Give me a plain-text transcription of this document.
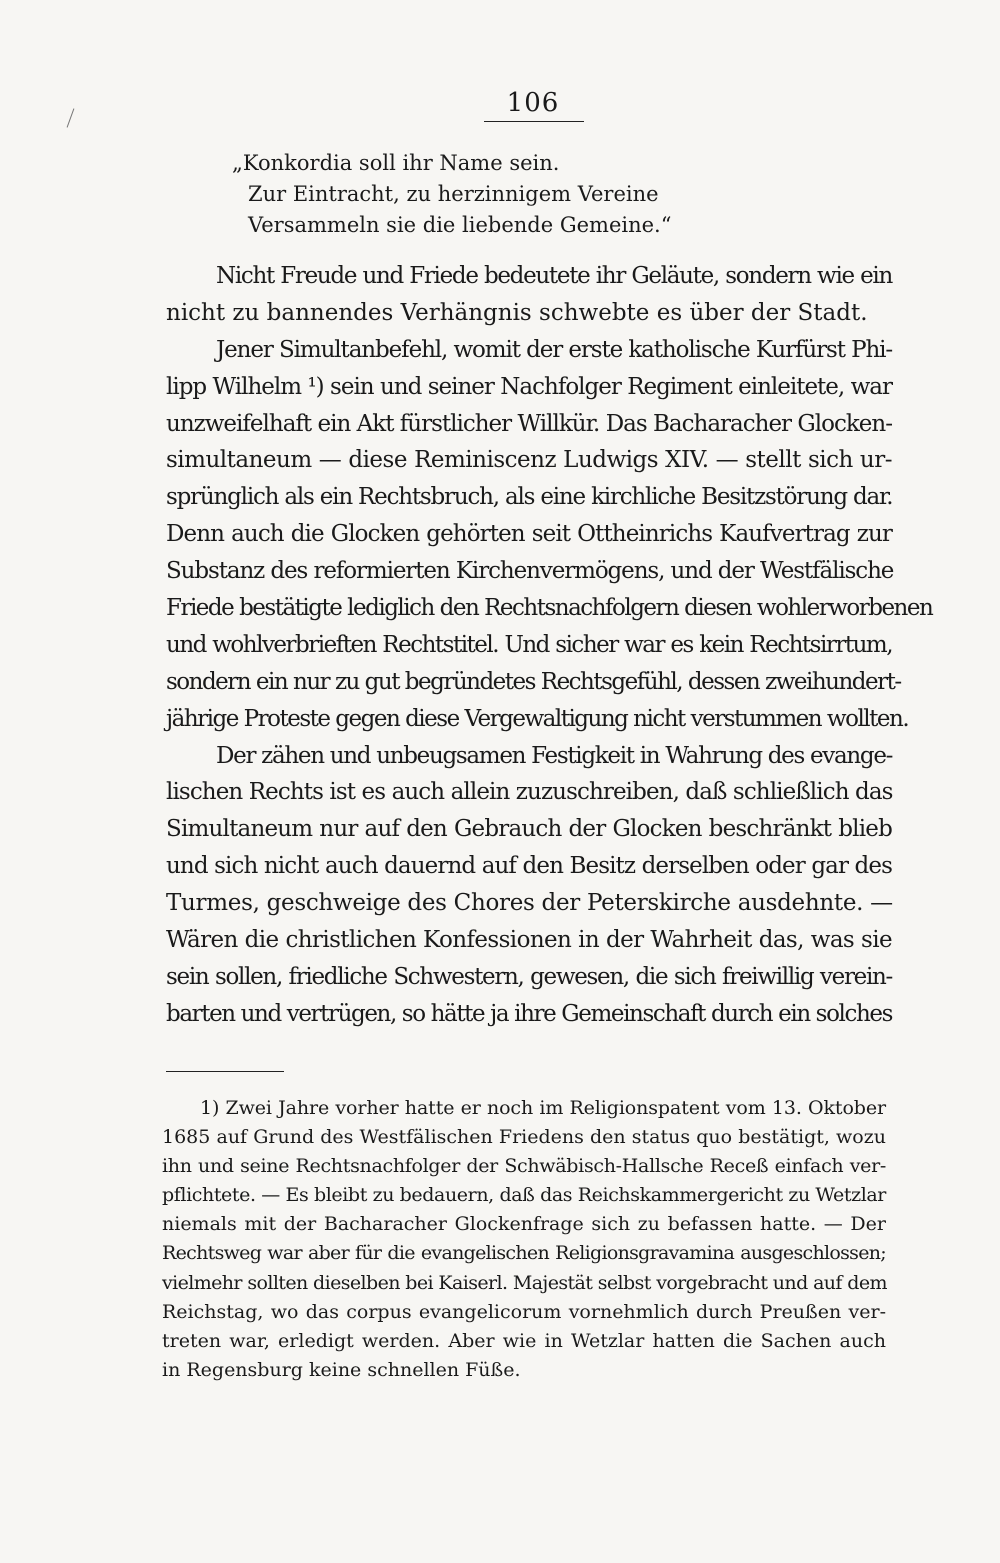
106
„Konkordia soll ihr Name sein.
Zur Eintracht, zu herzinnigem Vereine
Versammeln sie die liebende Gemeine.“
Nicht Freude und Friede bedeutete ihr Geläute, sondern wie ein
nicht zu bannendes Verhängnis schwebte es über der Stadt.
Jener Simultanbefehl, womit der erste katholische Kurfürst Phi-
lipp Wilhelm ¹) sein und seiner Nachfolger Regiment einleitete, war
unzweifelhaft ein Akt fürstlicher Willkür. Das Bacharacher Glocken-
simultaneum — diese Reminiscenz Ludwigs XIV. — stellt sich ur-
sprünglich als ein Rechtsbruch, als eine kirchliche Besitzstörung dar.
Denn auch die Glocken gehörten seit Ottheinrichs Kaufvertrag zur
Substanz des reformierten Kirchenvermögens, und der Westfälische
Friede bestätigte lediglich den Rechtsnachfolgern diesen wohlerworbenen
und wohlverbrieften Rechtstitel. Und sicher war es kein Rechtsirrtum,
sondern ein nur zu gut begründetes Rechtsgefühl, dessen zweihundert-
jährige Proteste gegen diese Vergewaltigung nicht verstummen wollten.
Der zähen und unbeugsamen Festigkeit in Wahrung des evange-
lischen Rechts ist es auch allein zuzuschreiben, daß schließlich das
Simultaneum nur auf den Gebrauch der Glocken beschränkt blieb
und sich nicht auch dauernd auf den Besitz derselben oder gar des
Turmes, geschweige des Chores der Peterskirche ausdehnte. —
Wären die christlichen Konfessionen in der Wahrheit das, was sie
sein sollen, friedliche Schwestern, gewesen, die sich freiwillig verein-
barten und vertrügen, so hätte ja ihre Gemeinschaft durch ein solches
1) Zwei Jahre vorher hatte er noch im Religionspatent vom 13. Oktober
1685 auf Grund des Westfälischen Friedens den status quo bestätigt, wozu
ihn und seine Rechtsnachfolger der Schwäbisch-Hallsche Receß einfach ver-
pflichtete. — Es bleibt zu bedauern, daß das Reichskammergericht zu Wetzlar
niemals mit der Bacharacher Glockenfrage sich zu befassen hatte. — Der
Rechtsweg war aber für die evangelischen Religionsgravamina ausgeschlossen;
vielmehr sollten dieselben bei Kaiserl. Majestät selbst vorgebracht und auf dem
Reichstag, wo das corpus evangelicorum vornehmlich durch Preußen ver-
treten war, erledigt werden. Aber wie in Wetzlar hatten die Sachen auch
in Regensburg keine schnellen Füße.
